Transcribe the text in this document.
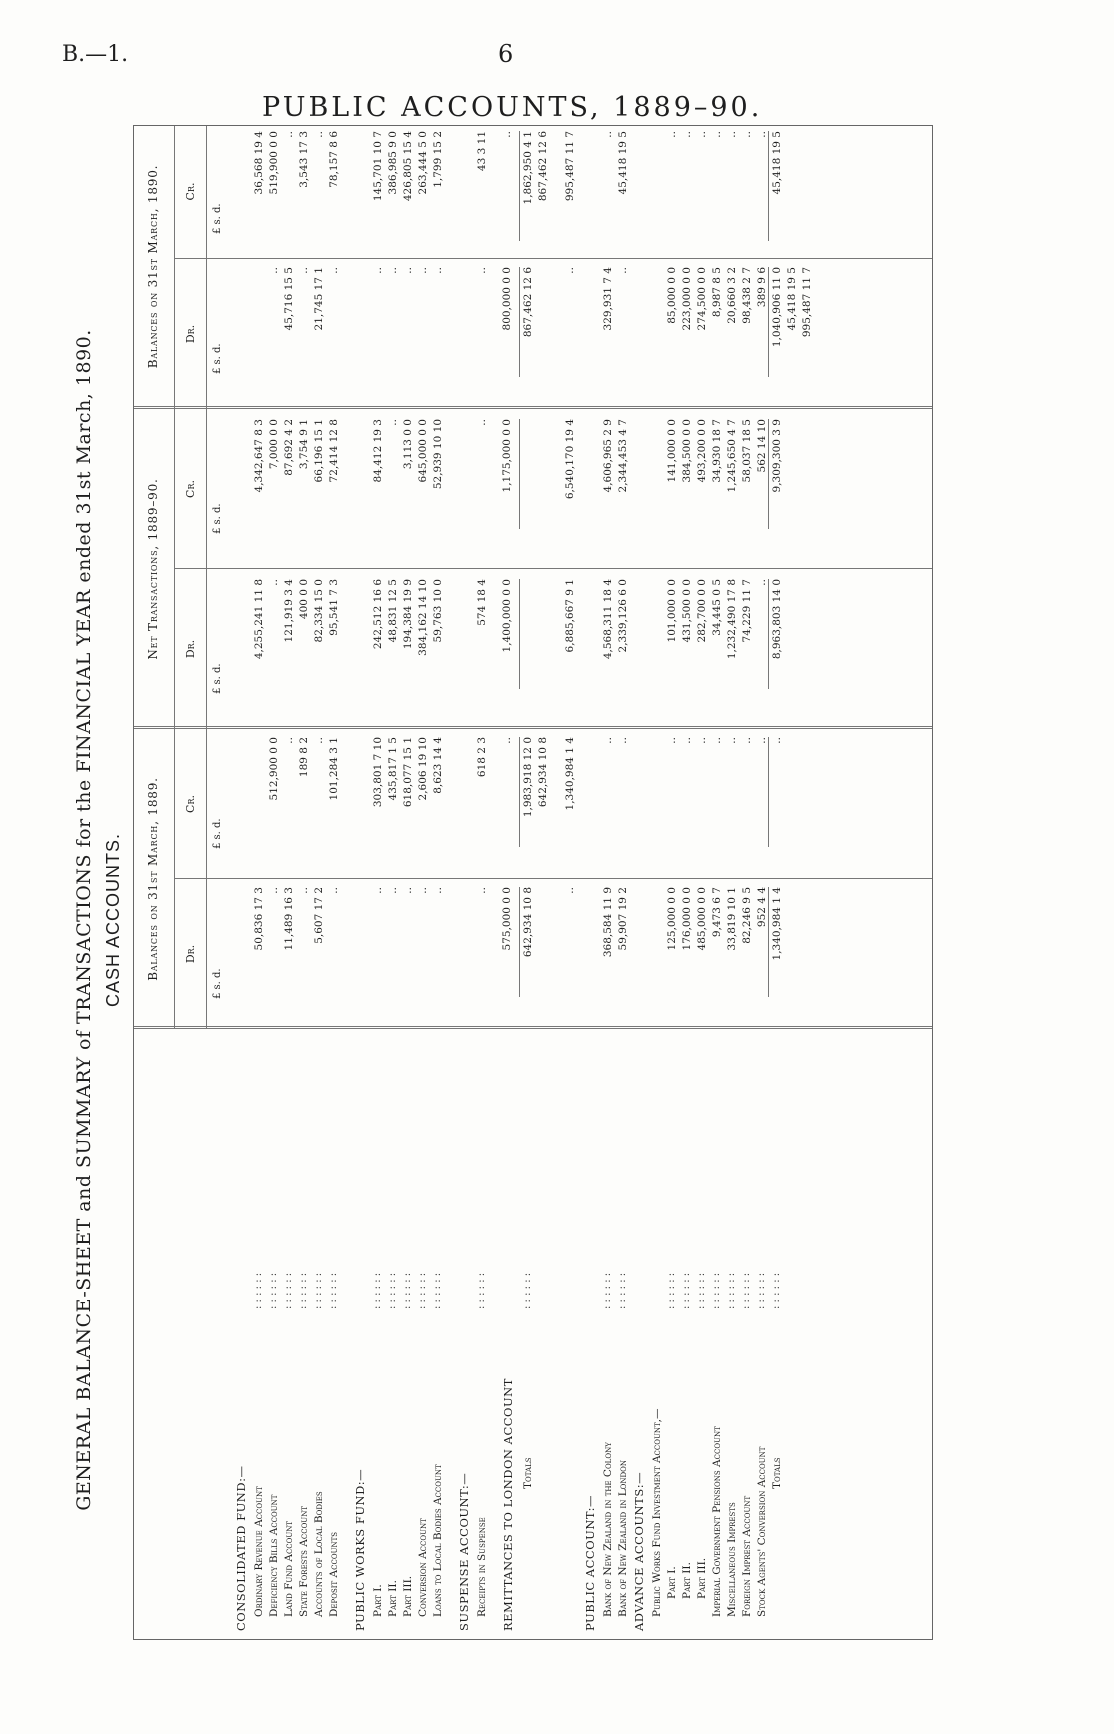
B.—1.	6
PUBLIC ACCOUNTS, 1889–90.
GENERAL BALANCE-SHEET and SUMMARY of TRANSACTIONS for the FINANCIAL YEAR ended 31st March, 1890. CASH ACCOUNTS. Balances on 31st March, 1889.
Net Transactions, 1889–90.
Balances on 31st March, 1890.
Dr.
Cr.
Dr.
Cr.
Dr.
Cr.
£ s. d.
£ s. d.
£ s. d.
£ s. d.
£ s. d.
£ s. d.
CONSOLIDATED FUND:— Ordinary Revenue Account
: : : : : :
50,836 17 3
4,255,241 11 8
4,342,647 8 3
36,568 19 4
Deficiency Bills Account
: : : : : :
..
512,900 0 0
..
7,000 0 0
..
519,900 0 0
Land Fund Account
: : : : : :
11,489 16 3
..
121,919 3 4
87,692 4 2
45,716 15 5
..
State Forests Account
: : : : : :
..
189 8 2
400 0 0
3,754 9 1
..
3,543 17 3
Accounts of Local Bodies
: : : : : :
5,607 17 2
..
82,334 15 0
66,196 15 1
21,745 17 1
..
Deposit Accounts
: : : : : :
..
101,284 3 1
95,541 7 3
72,414 12 8
..
78,157 8 6
PUBLIC WORKS FUND:— Part I.
: : : : : :
..
303,801 7 10
242,512 16 6
84,412 19 3
..
145,701 10 7
Part II.
: : : : : :
..
435,817 1 5
48,831 12 5
..
..
386,985 9 0
Part III.
: : : : : :
..
618,077 15 1
194,384 19 9
3,113 0 0
..
426,805 15 4
Conversion Account
: : : : : :
..
2,606 19 10
384,162 14 10
645,000 0 0
..
263,444 5 0
Loans to Local Bodies Account
: : : : : :
..
8,623 14 4
59,763 10 0
52,939 10 10
..
1,799 15 2
SUSPENSE ACCOUNT:— Receipts in Suspense
: : : : : :
..
618 2 3
574 18 4
..
..
43 3 11
REMITTANCES TO LONDON ACCOUNT
575,000 0 0
..
1,400,000 0 0
1,175,000 0 0
800,000 0 0
..
Totals
: : : : : :
642,934 10 8
1,983,918 12 0 642,934 10 8
867,462 12 6
1,862,950 4 1 867,462 12 6
..
1,340,984 1 4
6,885,667 9 1
6,540,170 19 4
..
995,487 11 7
PUBLIC ACCOUNT:— Bank of New Zealand in the Colony
: : : : : :
368,584 11 9
..
4,568,311 18 4
4,606,965 2 9
329,931 7 4
..
Bank of New Zealand in London
: : : : : :
59,907 19 2
..
2,339,126 6 0
2,344,453 4 7
..
45,418 19 5
ADVANCE ACCOUNTS:— Public Works Fund Investment Account,— Part I.
: : : : : :
125,000 0 0
..
101,000 0 0
141,000 0 0
85,000 0 0
..
Part II.
: : : : : :
176,000 0 0
..
431,500 0 0
384,500 0 0
223,000 0 0
..
Part III.
: : : : : :
485,000 0 0
..
282,700 0 0
493,200 0 0
274,500 0 0
..
Imperial Government Pensions Account
: : : : : :
9,473 6 7
..
34,445 0 5
34,930 18 7
8,987 8 5
..
Miscellaneous Imprests
: : : : : :
33,819 10 1
..
1,232,490 17 8
1,245,650 4 7
20,660 3 2
..
Foreign Imprest Account
: : : : : :
82,246 9 5
..
74,229 11 7
58,037 18 5
98,438 2 7
..
Stock Agents' Conversion Account
: : : : : :
952 4 4
..
..
562 14 10
389 9 6
..
Totals
: : : : : :
1,340,984 1 4
..
8,963,803 14 0
9,309,300 3 9
1,040,906 11 0 45,418 19 5 995,487 11 7
45,418 19 5
